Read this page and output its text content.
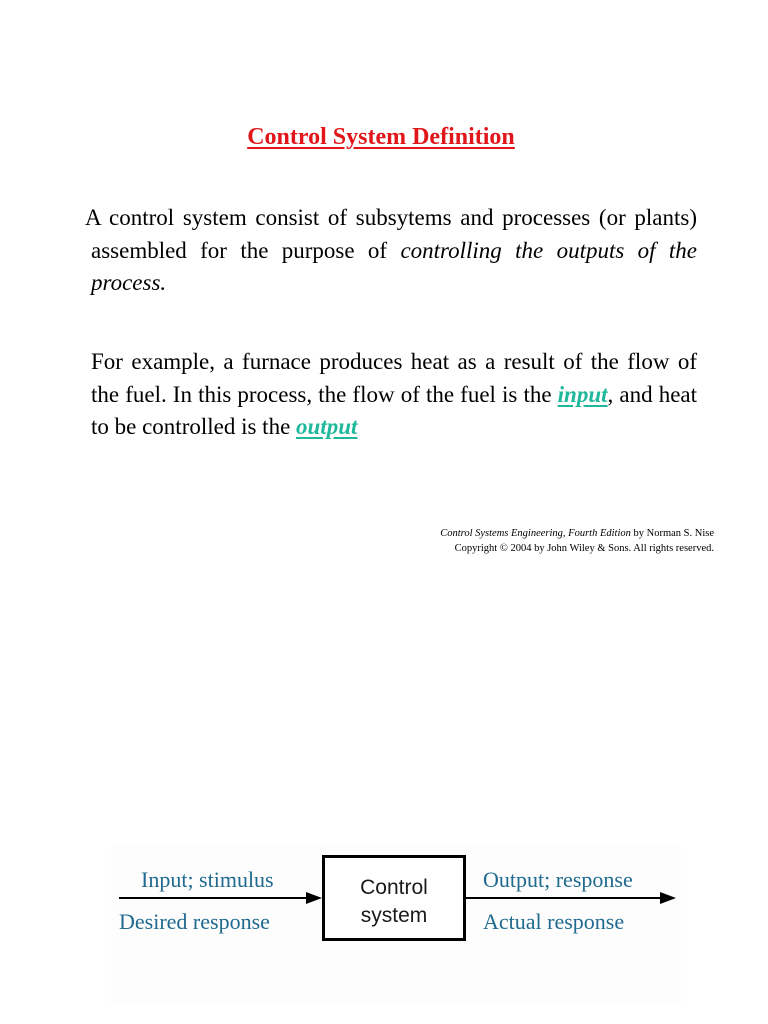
Control System Definition

A control system consist of subsytems and processes (or plants) assembled for the purpose of controlling the outputs of the process.

For example, a furnace produces heat as a result of the flow of the fuel. In this process, the flow of the fuel is the input, and heat to be controlled is the output

Control Systems Engineering, Fourth Edition by Norman S. Nise
Copyright © 2004 by John Wiley & Sons. All rights reserved.
Input; stimulus
Desired response
Control
system
Output; response
Actual response
